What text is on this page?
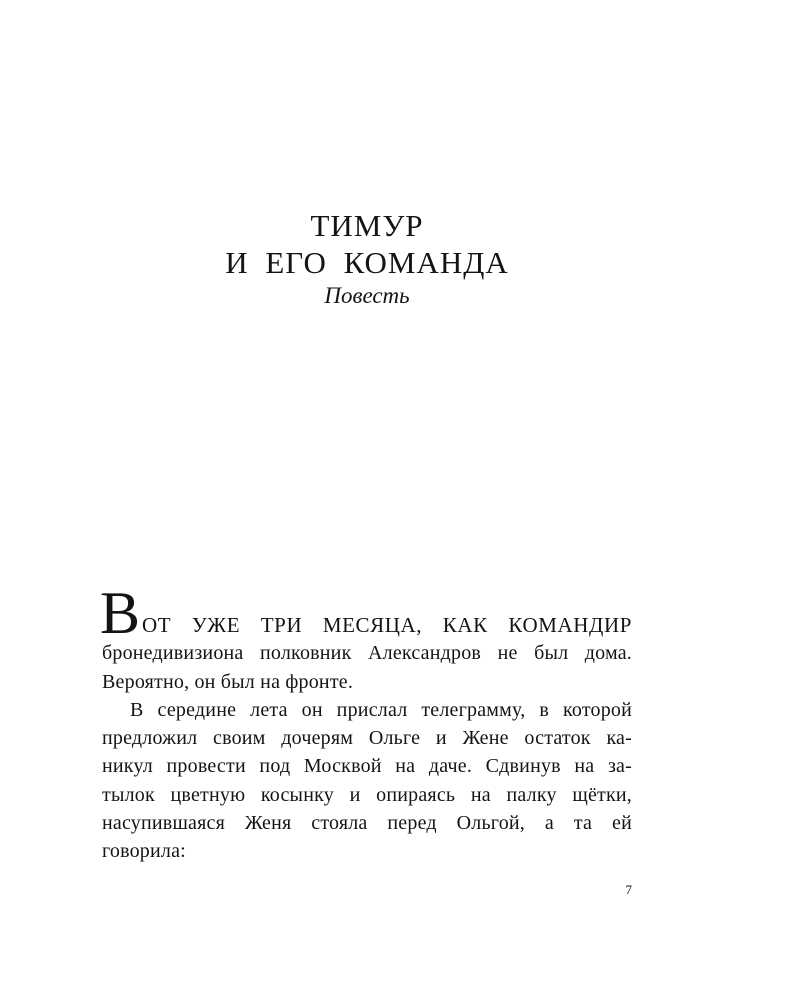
ТИМУР
И ЕГО КОМАНДА
Повесть
В ОТ УЖЕ ТРИ МЕСЯЦА, КАК КОМАНДИР
бронедивизиона полковник Александров не был дома.
Вероятно, он был на фронте.
В середине лета он прислал телеграмму, в которой
предложил своим дочерям Ольге и Жене остаток ка-
никул провести под Москвой на даче. Сдвинув на за-
тылок цветную косынку и опираясь на палку щётки,
насупившаяся Женя стояла перед Ольгой, а та ей
говорила:
7
